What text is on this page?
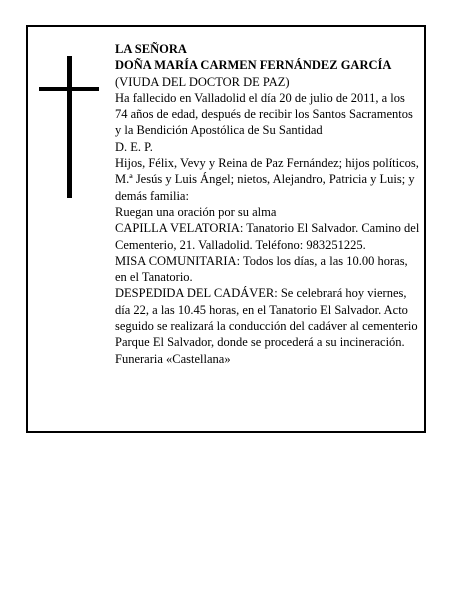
LA SEÑORA

DOÑA MARÍA CARMEN FERNÁNDEZ GARCÍA

(VIUDA DEL DOCTOR DE PAZ)

Ha fallecido en Valladolid el día 20 de julio de 2011, a los 74 años de edad, después de recibir los Santos Sacramentos y la Bendición Apostólica de Su Santidad

D. E. P.

Hijos, Félix, Vevy y Reina de Paz Fernández; hijos políticos, M.ª Jesús y Luis Ángel; nietos, Alejandro, Patricia y Luis; y demás familia:

Ruegan una oración por su alma

CAPILLA VELATORIA: Tanatorio El Salvador. Camino del Cementerio, 21. Valladolid. Teléfono: 983251225.

MISA COMUNITARIA: Todos los días, a las 10.00 horas, en el Tanatorio.

DESPEDIDA DEL CADÁVER: Se celebrará hoy viernes, día 22, a las 10.45 horas, en el Tanatorio El Salvador. Acto seguido se realizará la conducción del cadáver al cementerio Parque El Salvador, donde se procederá a su incineración.

Funeraria «Castellana»
